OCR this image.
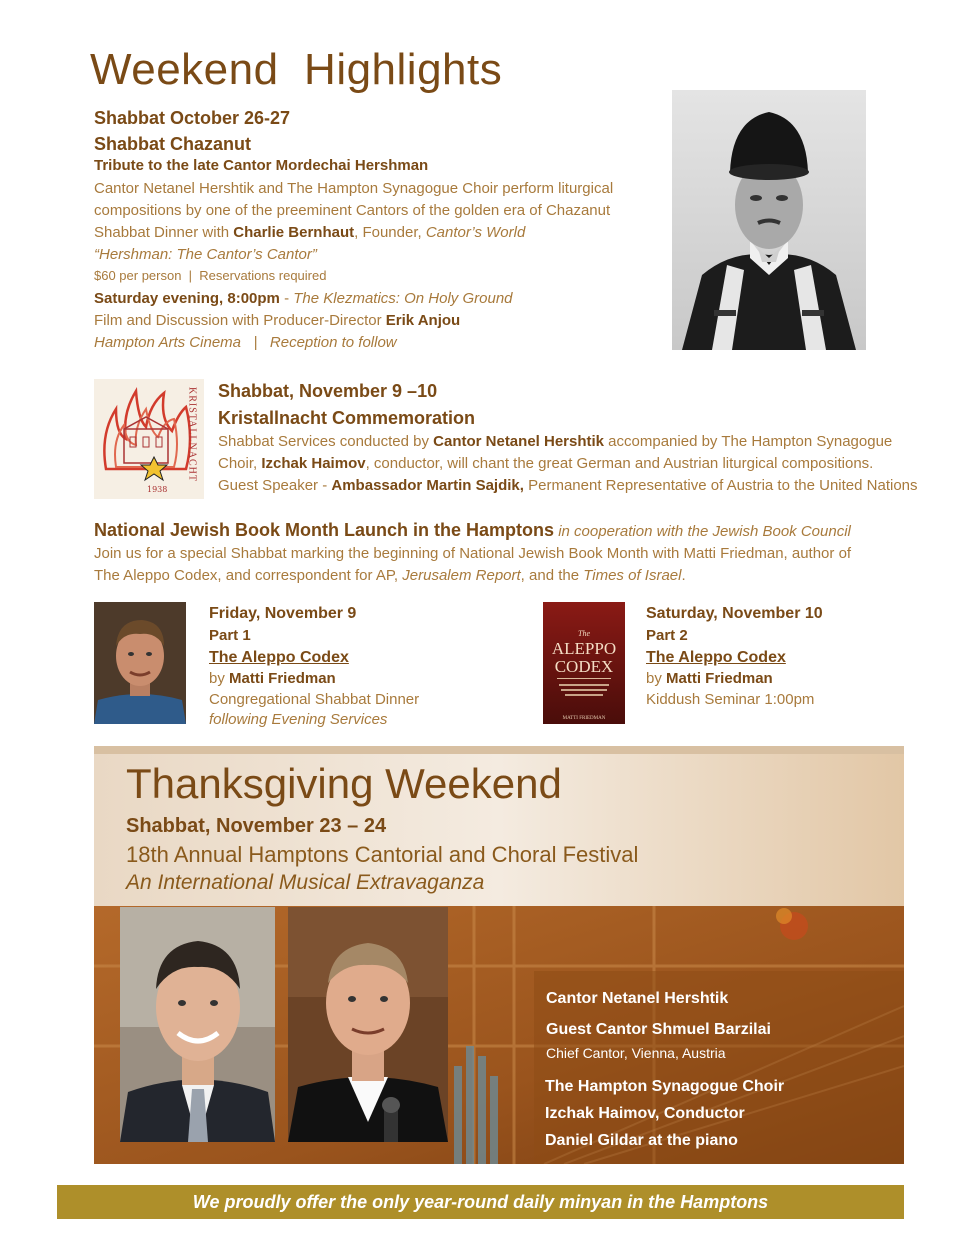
Weekend  Highlights
Shabbat October 26-27
Shabbat Chazanut
Tribute to the late Cantor Mordechai Hershman
Cantor Netanel Hershtik and The Hampton Synagogue Choir perform liturgical
compositions by one of the preeminent Cantors of the golden era of Chazanut
Shabbat Dinner with Charlie Bernhaut, Founder, Cantor’s World
“Hershman: The Cantor’s Cantor”
$60 per person  |  Reservations required
Saturday evening, 8:00pm - The Klezmatics: On Holy Ground
Film and Discussion with Producer-Director Erik Anjou
Hampton Arts Cinema   |   Reception to follow
1938
KRISTALLNACHT Shabbat, November 9 –10
Kristallnacht Commemoration
Shabbat Services conducted by Cantor Netanel Hershtik accompanied by The Hampton Synagogue
Choir, Izchak Haimov, conductor, will chant the great German and Austrian liturgical compositions.
Guest Speaker - Ambassador Martin Sajdik, Permanent Representative of Austria to the United Nations
National Jewish Book Month Launch in the Hamptons in cooperation with the Jewish Book Council
Join us for a special Shabbat marking the beginning of National Jewish Book Month with Matti Friedman, author of
The Aleppo Codex, and correspondent for AP, Jerusalem Report, and the Times of Israel.
Friday, November 9
Part 1
The Aleppo Codex
by Matti Friedman
Congregational Shabbat Dinner
following Evening Services
The
ALEPPO
CODEX
MATTI FRIEDMAN
Saturday, November 10
Part 2
The Aleppo Codex
by Matti Friedman
Kiddush Seminar 1:00pm
Thanksgiving Weekend
Shabbat, November 23 – 24
18th Annual Hamptons Cantorial and Choral Festival
An International Musical Extravaganza
Cantor Netanel Hershtik
Guest Cantor Shmuel Barzilai
Chief Cantor, Vienna, Austria
The Hampton Synagogue Choir
Izchak Haimov, Conductor
Daniel Gildar at the piano
We proudly offer the only year-round daily minyan in the Hamptons
